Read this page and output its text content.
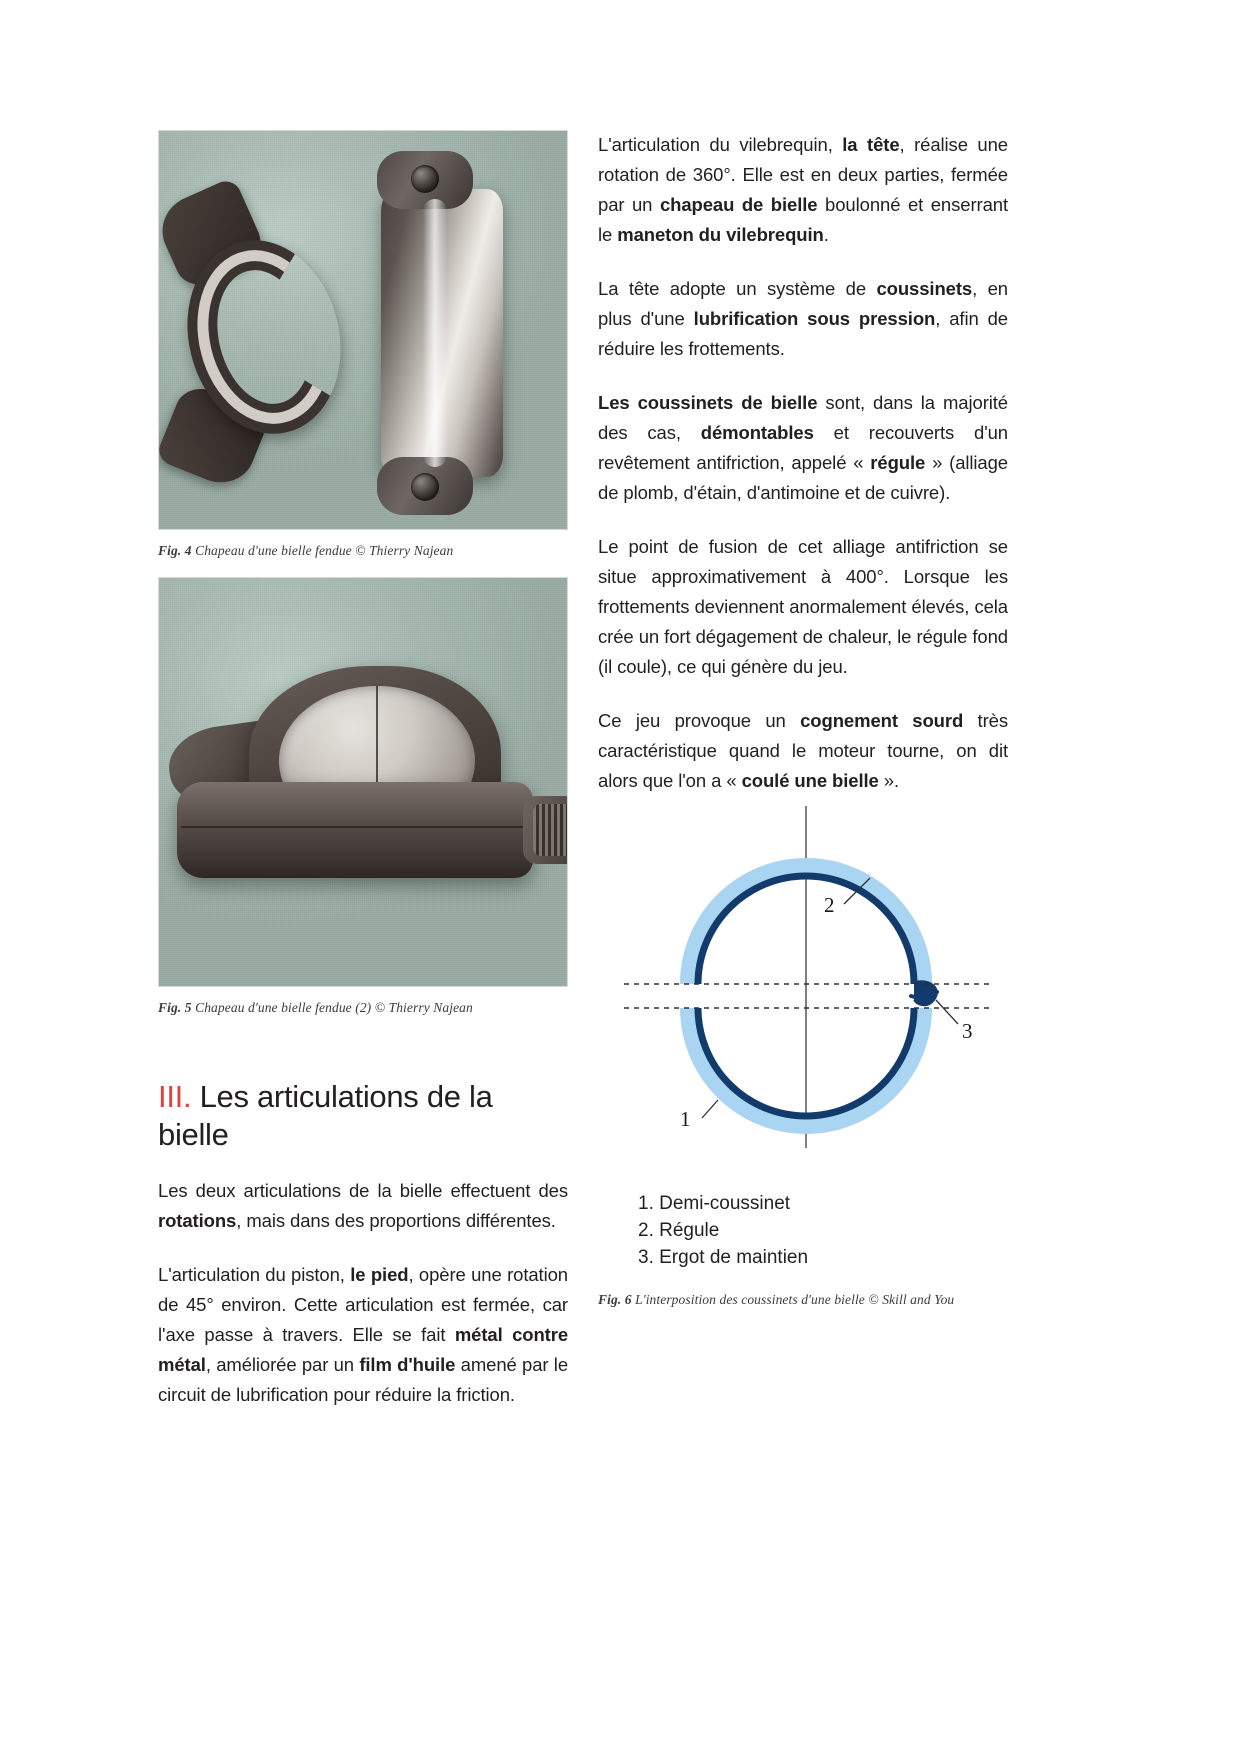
Fig. 4 Chapeau d'une bielle fendue © Thierry Najean
Fig. 5 Chapeau d'une bielle fendue (2) © Thierry Najean
III. Les articulations de la bielle

Les deux articulations de la bielle effectuent des rotations, mais dans des proportions différentes.

L'articulation du piston, le pied, opère une rotation de 45° environ. Cette articulation est fermée, car l'axe passe à travers. Elle se fait métal contre métal, améliorée par un film d'huile amené par le circuit de lubrification pour réduire la friction.

L'articulation du vilebrequin, la tête, réalise une rotation de 360°. Elle est en deux parties, fermée par un chapeau de bielle boulonné et enserrant le maneton du vilebrequin.

La tête adopte un système de coussinets, en plus d'une lubrification sous pression, afin de réduire les frottements.

Les coussinets de bielle sont, dans la majorité des cas, démontables et recouverts d'un revêtement antifriction, appelé « régule » (alliage de plomb, d'étain, d'antimoine et de cuivre).

Le point de fusion de cet alliage antifriction se situe approximativement à 400°. Lorsque les frottements deviennent anormalement élevés, cela crée un fort dégagement de chaleur, le régule fond (il coule), ce qui génère du jeu.

Ce jeu provoque un cognement sourd très caractéristique quand le moteur tourne, on dit alors que l'on a « coulé une bielle ».

2
3
1
1. Demi-coussinet
2. Régule
3. Ergot de maintien
Fig. 6 L'interposition des coussinets d'une bielle © Skill and You
